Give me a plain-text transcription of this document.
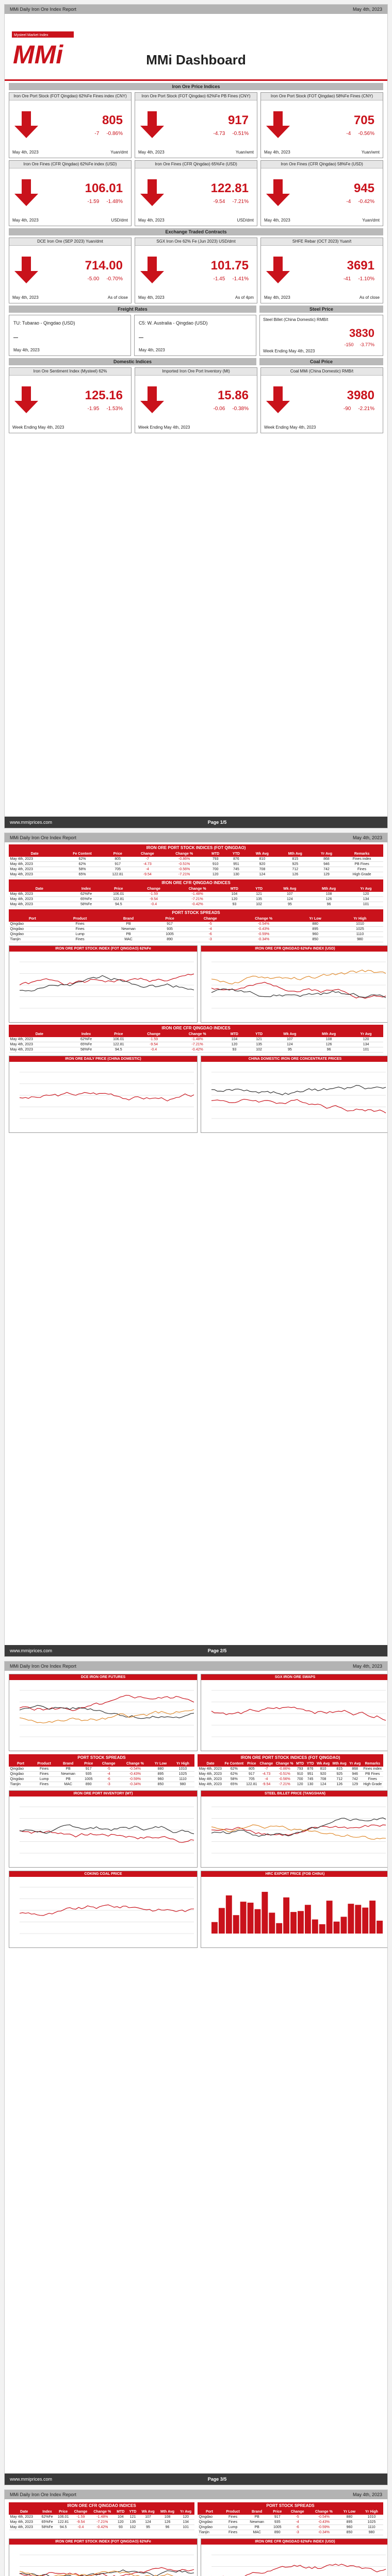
MMi Daily Iron Ore Index Report	May 4th, 2023
Mysteel Market Index
MMi	MMi Dashboard
Iron Ore Price Indices
Iron Ore Port Stock (FOT Qingdao) 62%Fe Fines index (CNY)
805
-7 -0.86%
May 4th, 2023	Yuan/dmt
Iron Ore Port Stock (FOT Qingdao) 62%Fe PB Fines (CNY)
917
-4.73 -0.51%
May 4th, 2023	Yuan/wmt
Iron Ore Port Stock (FOT Qingdao) 58%Fe Fines (CNY)
705
-4 -0.56%
May 4th, 2023	Yuan/wmt
Iron Ore Fines (CFR Qingdao) 62%Fe index (USD)
106.01
-1.59 -1.48%
May 4th, 2023	USD/dmt
Iron Ore Fines (CFR Qingdao) 65%Fe (USD)
122.81
-9.54 -7.21%
May 4th, 2023	USD/dmt
Iron Ore Fines (CFR Qingdao) 58%Fe (USD)
945
-4 -0.42%
May 4th, 2023	Yuan/dmt
Exchange Traded Contracts
DCE Iron Ore (SEP 2023) Yuan/dmt
714.00
-5.00 -0.70%
May 4th, 2023	As of close
SGX Iron Ore 62% Fe (Jun 2023) USD/dmt
101.75
-1.45 -1.41%
May 4th, 2023	As of 4pm
SHFE Rebar (OCT 2023) Yuan/t
3691
-41 -1.10%
May 4th, 2023	As of close
Freight Rates
TU: Tubarao - Qingdao (USD)
—
May 4th, 2023
C5: W. Australia - Qingdao (USD)
—
May 4th, 2023
Steel Price
Steel Billet (China Domestic) RMB/t
3830
-150 -3.77%
Week Ending May 4th, 2023
Domestic Indices	Coal Price
Iron Ore Sentiment Index (Mysteel) 62%
125.16
-1.95 -1.53%
Week Ending May 4th, 2023
Imported Iron Ore Port Inventory (Mt)
15.86
-0.06 -0.38%
Week Ending May 4th, 2023
Coal MMi (China Domestic) RMB/t
3980
-90 -2.21%
Week Ending May 4th, 2023
www.mmiprices.com	Page 1/5
MMi Daily Iron Ore Index Report	May 4th, 2023
IRON ORE PORT STOCK INDICES (FOT QINGDAO)
Date	Fe Content	Price	Change	Change %	MTD	YTD	Wk Avg	Mth Avg	Yr Avg	Remarks
May 4th, 2023	62%	805	-7	-0.86%	793	876	810	815	868	Fines index
May 4th, 2023	62%	917	-4.73	-0.51%	910	951	920	925	946	PB Fines
May 4th, 2023	58%	705	-4	-0.56%	700	745	708	712	742	Fines
May 4th, 2023	65%	122.81	-9.54	-7.21%	120	130	124	126	129	High Grade
IRON ORE CFR QINGDAO INDICES
Date	Index	Price	Change	Change %	MTD	YTD	Wk Avg	Mth Avg	Yr Avg
May 4th, 2023	62%Fe	106.01	-1.59	-1.48%	104	121	107	108	120
May 4th, 2023	65%Fe	122.81	-9.54	-7.21%	120	135	124	126	134
May 4th, 2023	58%Fe	94.5	-0.4	-0.42%	93	102	95	96	101
PORT STOCK SPREADS
Port	Product	Brand	Price	Change	Change %	Yr Low	Yr High
Qingdao	Fines	PB	917	-5	-0.54%	880	1010
Qingdao	Fines	Newman	935	-4	-0.43%	895	1025
Qingdao	Lump	PB	1005	-6	-0.59%	960	1110
Tianjin	Fines	MAC	890	-3	-0.34%	850	980
IRON ORE PORT STOCK INDEX (FOT QINGDAO) 62%Fe	IRON ORE CFR QINGDAO 62%Fe INDEX (USD)
IRON ORE CFR QINGDAO INDICES
Date	Index	Price	Change	Change %	MTD	YTD	Wk Avg	Mth Avg	Yr Avg
May 4th, 2023	62%Fe	106.01	-1.59	-1.48%	104	121	107	108	120
May 4th, 2023	65%Fe	122.81	-9.54	-7.21%	120	135	124	126	134
May 4th, 2023	58%Fe	94.5	-0.4	-0.42%	93	102	95	96	101
IRON ORE DAILY PRICE (CHINA DOMESTIC)	CHINA DOMESTIC IRON ORE CONCENTRATE PRICES
www.mmiprices.com	Page 2/5
MMi Daily Iron Ore Index Report	May 4th, 2023
DCE IRON ORE FUTURES	SGX IRON ORE SWAPS
PORT STOCK SPREADS
Port	Product	Brand	Price	Change	Change %	Yr Low	Yr High
Qingdao	Fines	PB	917	-5	-0.54%	880	1010
Qingdao	Fines	Newman	935	-4	-0.43%	895	1025
Qingdao	Lump	PB	1005	-6	-0.59%	960	1110
Tianjin	Fines	MAC	890	-3	-0.34%	850	980
IRON ORE PORT STOCK INDICES (FOT QINGDAO)
Date	Fe Content	Price	Change	Change %	MTD	YTD	Wk Avg	Mth Avg	Yr Avg	Remarks
May 4th, 2023	62%	805	-7	-0.86%	793	876	810	815	868	Fines index
May 4th, 2023	62%	917	-4.73	-0.51%	910	951	920	925	946	PB Fines
May 4th, 2023	58%	705	-4	-0.56%	700	745	708	712	742	Fines
May 4th, 2023	65%	122.81	-9.54	-7.21%	120	130	124	126	129	High Grade
IRON ORE PORT INVENTORY (MT)	STEEL BILLET PRICE (TANGSHAN)
COKING COAL PRICE	HRC EXPORT PRICE (FOB CHINA)
www.mmiprices.com	Page 3/5
MMi Daily Iron Ore Index Report	May 4th, 2023
IRON ORE CFR QINGDAO INDICES
Date	Index	Price	Change	Change %	MTD	YTD	Wk Avg	Mth Avg	Yr Avg
May 4th, 2023	62%Fe	106.01	-1.59	-1.48%	104	121	107	108	120
May 4th, 2023	65%Fe	122.81	-9.54	-7.21%	120	135	124	126	134
May 4th, 2023	58%Fe	94.5	-0.4	-0.42%	93	102	95	96	101
PORT STOCK SPREADS
Port	Product	Brand	Price	Change	Change %	Yr Low	Yr High
Qingdao	Fines	PB	917	-5	-0.54%	880	1010
Qingdao	Fines	Newman	935	-4	-0.43%	895	1025
Qingdao	Lump	PB	1005	-6	-0.59%	960	1110
Tianjin	Fines	MAC	890	-3	-0.34%	850	980
IRON ORE PORT STOCK INDEX (FOT QINGDAO) 62%Fe	IRON ORE CFR QINGDAO 62%Fe INDEX (USD)
